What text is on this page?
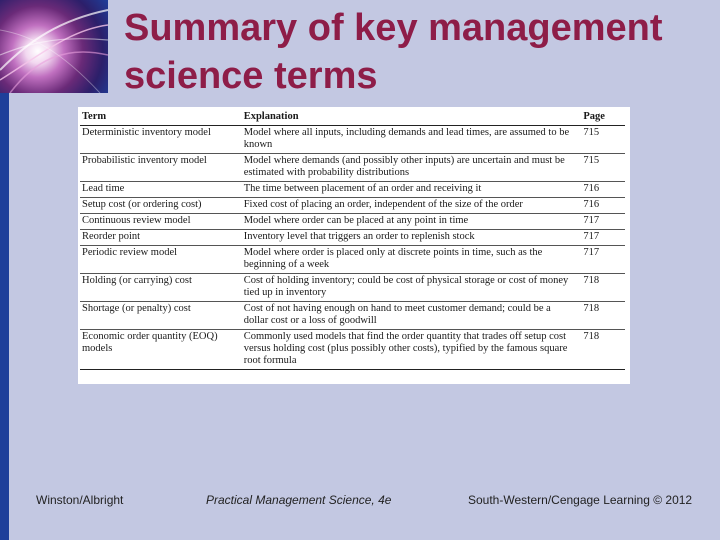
Summary of key management science terms
Term	Explanation	Page
Deterministic inventory model	Model where all inputs, including demands and lead times, are assumed to be known	715
Probabilistic inventory model	Model where demands (and possibly other inputs) are uncertain and must be estimated with probability distributions	715
Lead time	The time between placement of an order and receiving it	716
Setup cost (or ordering cost)	Fixed cost of placing an order, independent of the size of the order	716
Continuous review model	Model where order can be placed at any point in time	717
Reorder point	Inventory level that triggers an order to replenish stock	717
Periodic review model	Model where order is placed only at discrete points in time, such as the beginning of a week	717
Holding (or carrying) cost	Cost of holding inventory; could be cost of physical storage or cost of money tied up in inventory	718
Shortage (or penalty) cost	Cost of not having enough on hand to meet customer demand; could be a dollar cost or a loss of goodwill	718
Economic order quantity (EOQ) models	Commonly used models that find the order quantity that trades off setup cost versus holding cost (plus possibly other costs), typified by the famous square root formula	718
Winston/Albright	Practical Management Science, 4e	South-Western/Cengage Learning © 2012
